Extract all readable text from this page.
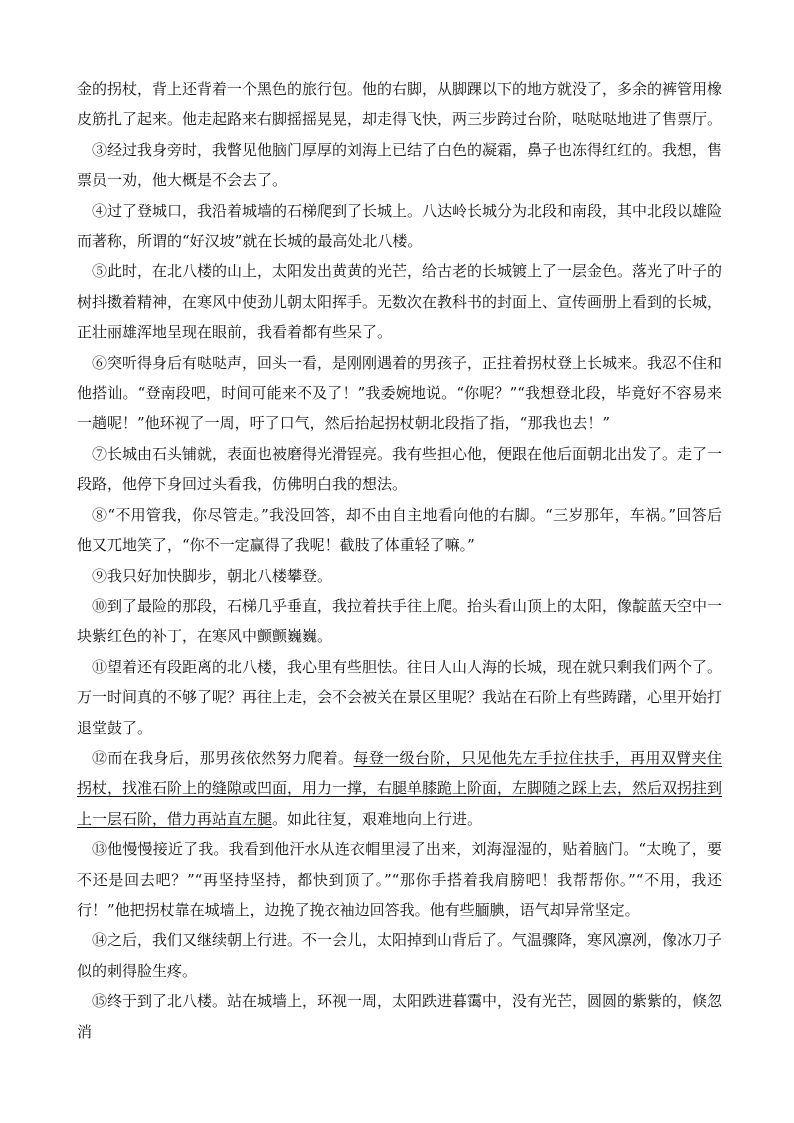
金的拐杖，背上还背着一个黑色的旅行包。他的右脚，从脚踝以下的地方就没了，多余的裤管用橡皮筋扎了起来。他走起路来右脚摇摇晃晃，却走得飞快，两三步跨过台阶，哒哒哒地进了售票厅。

③经过我身旁时，我瞥见他脑门厚厚的刘海上已结了白色的凝霜，鼻子也冻得红红的。我想，售票员一劝，他大概是不会去了。

④过了登城口，我沿着城墙的石梯爬到了长城上。八达岭长城分为北段和南段，其中北段以雄险而著称，所谓的“好汉坡”就在长城的最高处北八楼。

⑤此时，在北八楼的山上，太阳发出黄黄的光芒，给古老的长城镀上了一层金色。落光了叶子的树抖擞着精神，在寒风中使劲儿朝太阳挥手。无数次在教科书的封面上、宣传画册上看到的长城，正壮丽雄浑地呈现在眼前，我看着都有些呆了。

⑥突听得身后有哒哒声，回头一看，是刚刚遇着的男孩子，正拄着拐杖登上长城来。我忍不住和他搭讪。“登南段吧，时间可能来不及了！”我委婉地说。“你呢？”“我想登北段，毕竟好不容易来一趟呢！”他环视了一周，吁了口气，然后抬起拐杖朝北段指了指，“那我也去！”

⑦长城由石头铺就，表面也被磨得光滑锃亮。我有些担心他，便跟在他后面朝北出发了。走了一段路，他停下身回过头看我，仿佛明白我的想法。

⑧“不用管我，你尽管走。”我没回答，却不由自主地看向他的右脚。“三岁那年，车祸。”回答后他又兀地笑了，“你不一定赢得了我呢！截肢了体重轻了嘛。”

⑨我只好加快脚步，朝北八楼攀登。

⑩到了最险的那段，石梯几乎垂直，我拉着扶手往上爬。抬头看山顶上的太阳，像靛蓝天空中一块紫红色的补丁，在寒风中颤颤巍巍。

⑪望着还有段距离的北八楼，我心里有些胆怯。往日人山人海的长城，现在就只剩我们两个了。万一时间真的不够了呢？再往上走，会不会被关在景区里呢？我站在石阶上有些踌躇，心里开始打退堂鼓了。

⑫而在我身后，那男孩依然努力爬着。每登一级台阶，只见他先左手拉住扶手，再用双臂夹住拐杖，找准石阶上的缝隙或凹面，用力一撑，右腿单膝跪上阶面，左脚随之踩上去，然后双拐拄到上一层石阶，借力再站直左腿。如此往复，艰难地向上行进。

⑬他慢慢接近了我。我看到他汗水从连衣帽里浸了出来，刘海湿湿的，贴着脑门。“太晚了，要不还是回去吧？”“再坚持坚持，都快到顶了。”“那你手搭着我肩膀吧！我帮帮你。”“不用，我还行！”他把拐杖靠在城墙上，边挽了挽衣袖边回答我。他有些腼腆，语气却异常坚定。

⑭之后，我们又继续朝上行进。不一会儿，太阳掉到山背后了。气温骤降，寒风凛冽，像冰刀子似的刺得脸生疼。

⑮终于到了北八楼。站在城墙上，环视一周，太阳跌进暮霭中，没有光芒，圆圆的紫紫的，倏忽消
